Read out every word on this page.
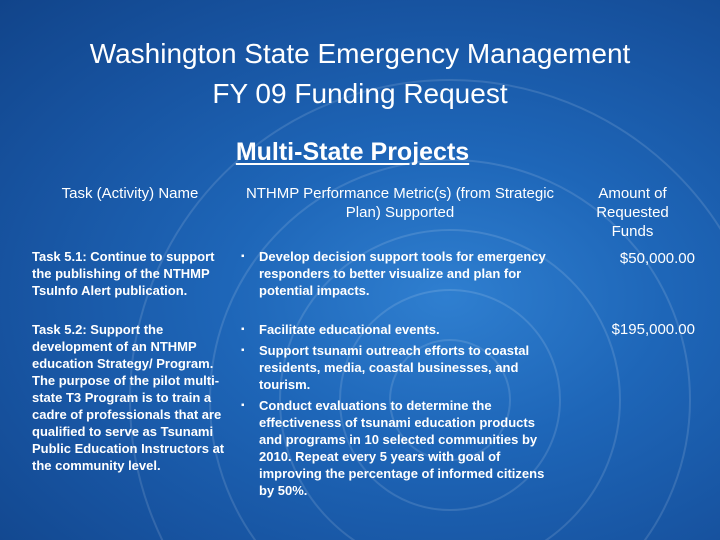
Washington State Emergency Management
FY 09 Funding Request
Multi-State Projects
Task (Activity) Name	NTHMP Performance Metric(s) (from Strategic Plan) Supported
Amount of Requested Funds
Task 5.1: Continue to support the publishing of the NTHMP TsuInfo Alert publication.
▪ Develop decision support tools for emergency responders to better visualize and plan for potential impacts.
$50,000.00
Task 5.2: Support the development of an NTHMP education Strategy/ Program. The purpose of the pilot multi-state T3 Program is to train a cadre of professionals that are qualified to serve as Tsunami Public Education Instructors at the community level.
▪ Facilitate educational events.
▪ Support tsunami outreach efforts to coastal residents, media, coastal businesses, and tourism.
▪ Conduct evaluations to determine the effectiveness of tsunami education products and programs in 10 selected communities by 2010. Repeat every 5 years with goal of improving the percentage of informed citizens by 50%.
$195,000.00
